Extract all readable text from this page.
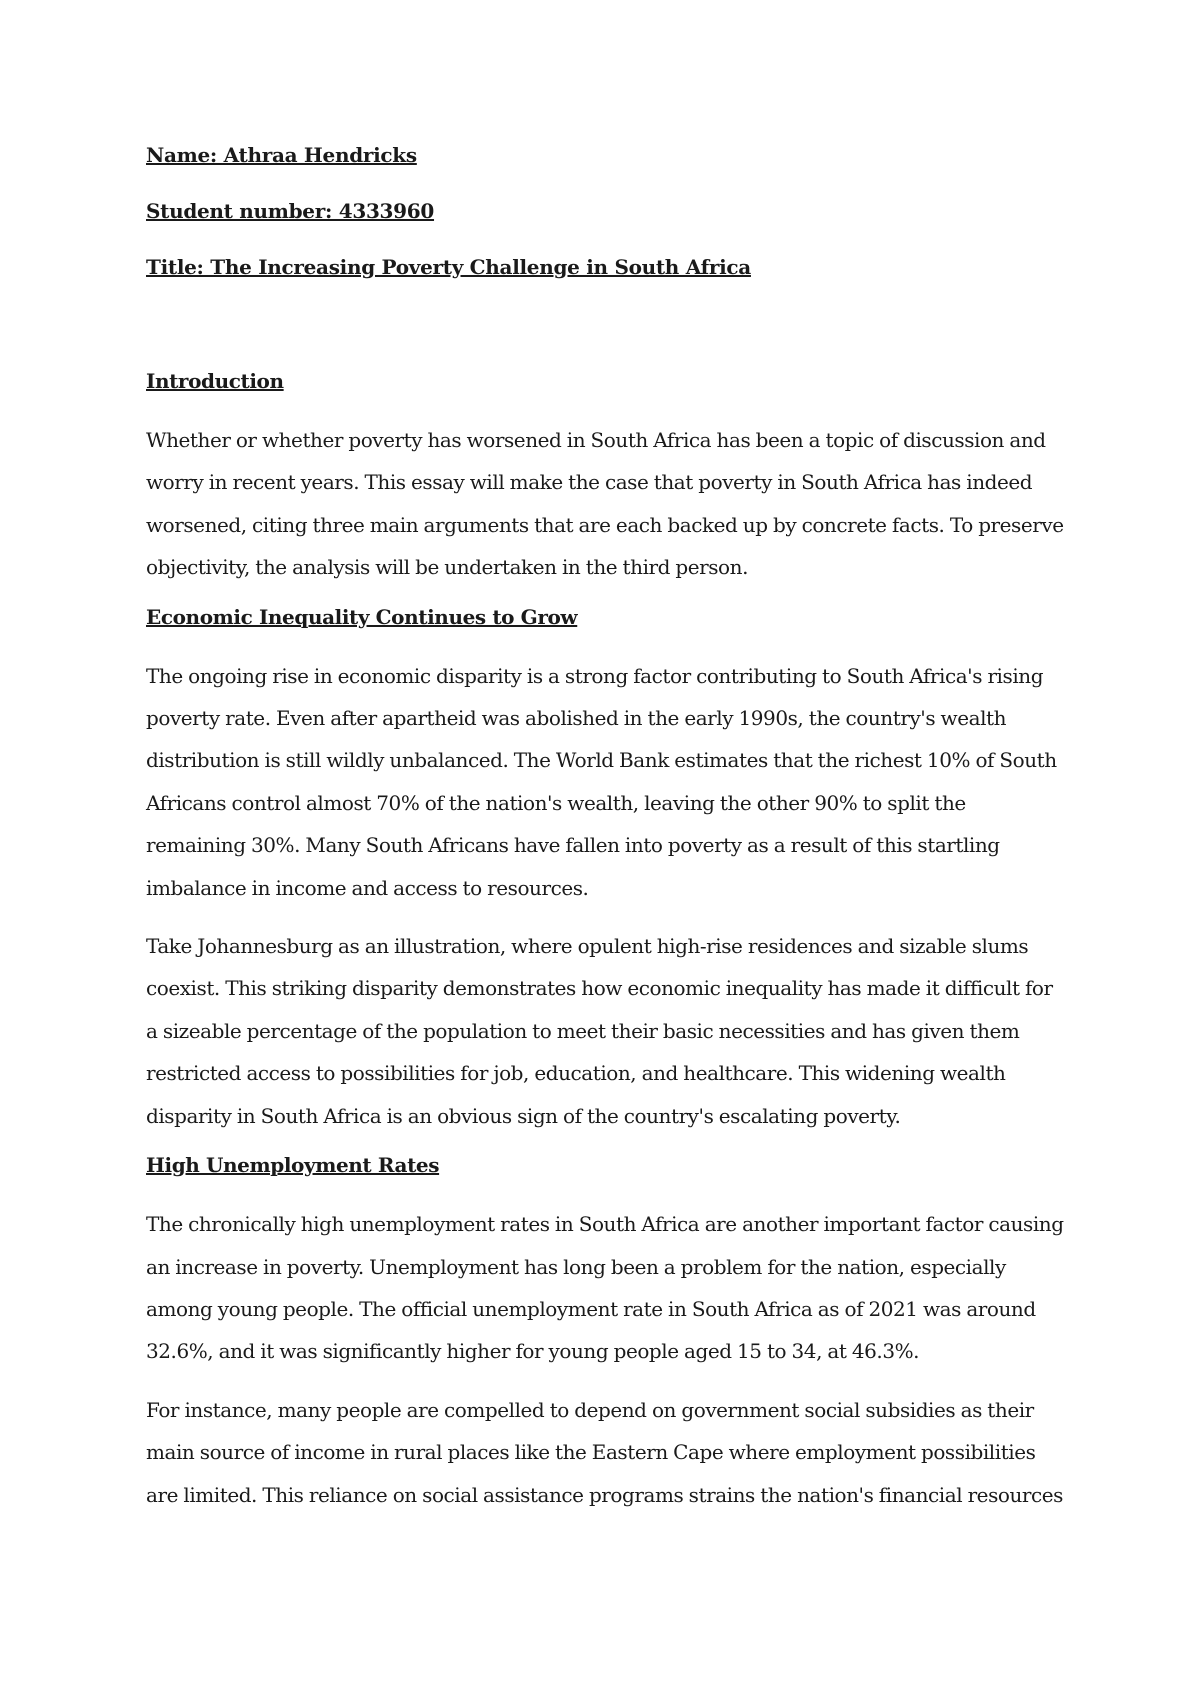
Name: Athraa Hendricks

Student number: 4333960

Title: The Increasing Poverty Challenge in South Africa

Introduction

Whether or whether poverty has worsened in South Africa has been a topic of discussion and worry in recent years. This essay will make the case that poverty in South Africa has indeed worsened, citing three main arguments that are each backed up by concrete facts. To preserve objectivity, the analysis will be undertaken in the third person.

Economic Inequality Continues to Grow

The ongoing rise in economic disparity is a strong factor contributing to South Africa's rising poverty rate. Even after apartheid was abolished in the early 1990s, the country's wealth distribution is still wildly unbalanced. The World Bank estimates that the richest 10% of South Africans control almost 70% of the nation's wealth, leaving the other 90% to split the remaining 30%. Many South Africans have fallen into poverty as a result of this startling imbalance in income and access to resources.

Take Johannesburg as an illustration, where opulent high-rise residences and sizable slums coexist. This striking disparity demonstrates how economic inequality has made it difficult for a sizeable percentage of the population to meet their basic necessities and has given them restricted access to possibilities for job, education, and healthcare. This widening wealth disparity in South Africa is an obvious sign of the country's escalating poverty.

High Unemployment Rates

The chronically high unemployment rates in South Africa are another important factor causing an increase in poverty. Unemployment has long been a problem for the nation, especially among young people. The official unemployment rate in South Africa as of 2021 was around 32.6%, and it was significantly higher for young people aged 15 to 34, at 46.3%.

For instance, many people are compelled to depend on government social subsidies as their main source of income in rural places like the Eastern Cape where employment possibilities are limited. This reliance on social assistance programs strains the nation's financial resources
